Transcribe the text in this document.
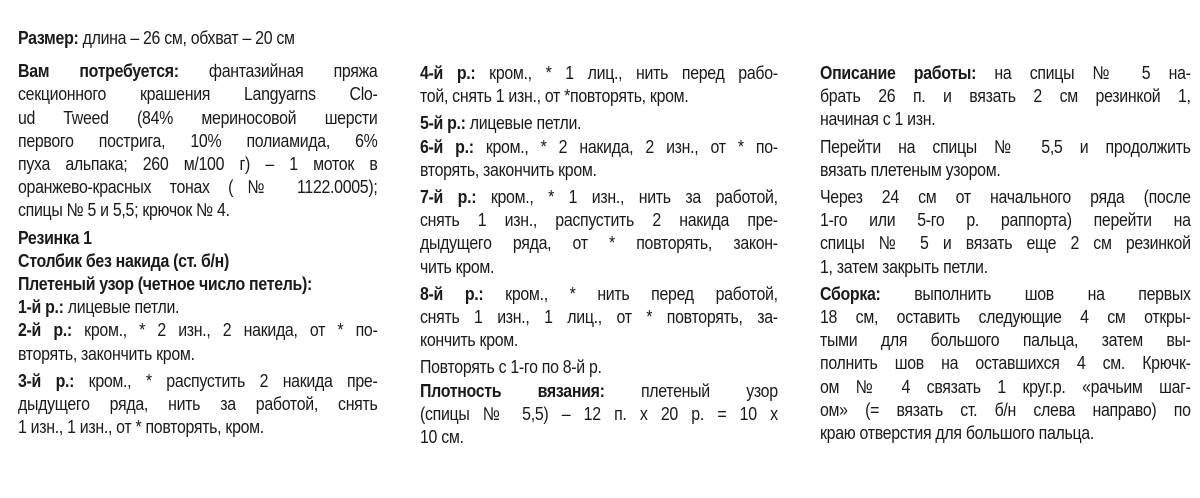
Размер: длина – 26 см, обхват – 20 см

Вам потребуется: фантазийная пряжа
секционного крашения Langyarns Clo-
ud Tweed (84% мериносовой шерсти
первого пострига, 10% полиамида, 6%
пуха альпака; 260 м/100 г) – 1 моток в
оранжево-красных тонах (№ 1122.0005);
спицы № 5 и 5,5; крючок № 4.

Резинка 1
Столбик без накида (ст. б/н)
Плетеный узор (четное число петель):

1-й р.: лицевые петли.

2-й р.: кром., * 2 изн., 2 накида, от * по-
вторять, закончить кром.

3-й р.: кром., * распустить 2 накида пре-
дыдущего ряда, нить за работой, снять
1 изн., 1 изн., от * повторять, кром.

4-й р.: кром., * 1 лиц., нить перед рабо-
той, снять 1 изн., от *повторять, кром.

5-й р.: лицевые петли.

6-й р.: кром., * 2 накида, 2 изн., от * по-
вторять, закончить кром.

7-й р.: кром., * 1 изн., нить за работой,
снять 1 изн., распустить 2 накида пре-
дыдущего ряда, от * повторять, закон-
чить кром.

8-й р.: кром., * нить перед работой,
снять 1 изн., 1 лиц., от * повторять, за-
кончить кром.

Повторять с 1-го по 8-й р.

Плотность вязания: плетеный узор
(спицы № 5,5) – 12 п. х 20 р. = 10 х
10 см.

Описание работы: на спицы № 5 на-
брать 26 п. и вязать 2 см резинкой 1,
начиная с 1 изн.

Перейти на спицы № 5,5 и продолжить
вязать плетеным узором.

Через 24 см от начального ряда (после
1-го или 5-го р. раппорта) перейти на
спицы № 5 и вязать еще 2 см резинкой
1, затем закрыть петли.

Сборка: выполнить шов на первых
18 см, оставить следующие 4 см откры-
тыми для большого пальца, затем вы-
полнить шов на оставшихся 4 см. Крючк-
ом № 4 связать 1 круг.р. «рачьим шаг-
ом» (= вязать ст. б/н слева направо) по
краю отверстия для большого пальца.
